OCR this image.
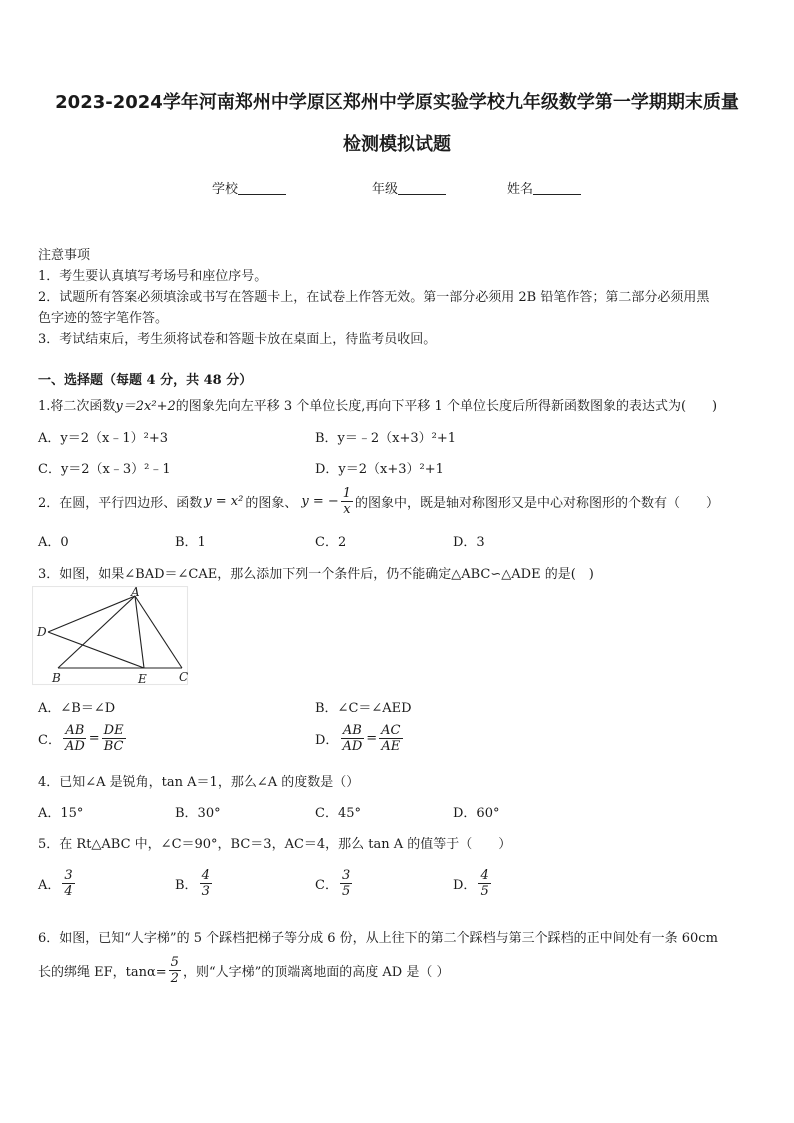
2023-2024学年河南郑州中学原区郑州中学原实验学校九年级数学第一学期期末质量
检测模拟试题
学校	年级	姓名
注意事项
1．考生要认真填写考场号和座位序号。
2．试题所有答案必须填涂或书写在答题卡上，在试卷上作答无效。第一部分必须用 2B 铅笔作答；第二部分必须用黑
色字迹的签字笔作答。
3．考试结束后，考生须将试卷和答题卡放在桌面上，待监考员收回。
一、选择题（每题 4 分，共 48 分）
1.将二次函数y＝2x²+2的图象先向左平移 3 个单位长度,再向下平移 1 个单位长度后所得新函数图象的表达式为(　　)
A．y＝2（x﹣1）²+3	B．y＝﹣2（x+3）²+1
C．y＝2（x﹣3）²﹣1	D．y＝2（x+3）²+1
2．在圆，平行四边形、函数 y = x² 的图象、 y = − $\frac{1}{x}$ 的图象中，既是轴对称图形又是中心对称图形的个数有（　　）
A．0	B．1	C．2	D．3
3．如图，如果∠BAD＝∠CAE，那么添加下列一个条件后，仍不能确定△ABC∽△ADE 的是(　)
A
D
B	E	C
A．∠B＝∠D	B．∠C＝∠AED
C． $\frac{AB}{AD} = \frac{DE}{BC}$	D． $\frac{AB}{AD} = \frac{AC}{AE}$
4．已知∠A 是锐角，tan A＝1，那么∠A 的度数是（）
A．15°	B．30°	C．45°	D．60°
5．在 Rt△ABC 中，∠C＝90°，BC＝3，AC＝4，那么 tan A 的值等于（　　）
A． $\frac{3}{4}$	B． $\frac{4}{3}$	C． $\frac{3}{5}$	D． $\frac{4}{5}$
6．如图，已知“人字梯”的 5 个踩档把梯子等分成 6 份，从上往下的第二个踩档与第三个踩档的正中间处有一条 60cm
长的绑绳 EF，$\tan\alpha= \frac{5}{2}$ ，则“人字梯”的顶端离地面的高度 AD 是（ ）
